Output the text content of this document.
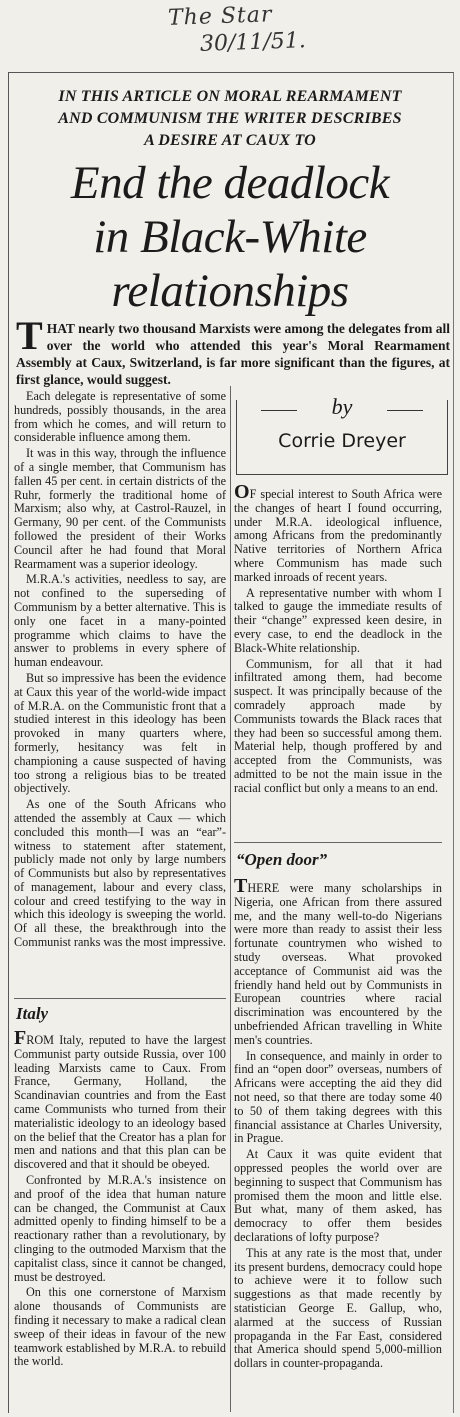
The Star
30/11/51.
IN THIS ARTICLE ON MORAL REARMAMENT
AND COMMUNISM THE WRITER DESCRIBES
A DESIRE AT CAUX TO
End the deadlock
in Black-White
relationships
THAT nearly two thousand Marxists were among the delegates from all over the world who attended this year's Moral Rearmament Assembly at Caux, Switzerland, is far more significant than the figures, at first glance, would suggest.
by
Corrie Dreyer

Each delegate is representative of some hundreds, possibly thousands, in the area from which he comes, and will return to considerable influence among them.

It was in this way, through the influence of a single member, that Communism has fallen 45 per cent. in certain districts of the Ruhr, formerly the traditional home of Marxism; also why, at Castrol-Rauzel, in Germany, 90 per cent. of the Communists followed the president of their Works Council after he had found that Moral Rearmament was a superior ideology.

M.R.A.'s activities, needless to say, are not confined to the superseding of Communism by a better alternative. This is only one facet in a many-pointed programme which claims to have the answer to problems in every sphere of human endeavour.

But so impressive has been the evidence at Caux this year of the world-wide impact of M.R.A. on the Communistic front that a studied interest in this ideology has been provoked in many quarters where, formerly, hesitancy was felt in championing a cause suspected of having too strong a religious bias to be treated objectively.

As one of the South Africans who attended the assembly at Caux — which concluded this month—I was an “ear”-witness to statement after statement, publicly made not only by large numbers of Communists but also by representatives of management, labour and every class, colour and creed testifying to the way in which this ideology is sweeping the world. Of all these, the breakthrough into the Communist ranks was the most impressive.

Italy

FROM Italy, reputed to have the largest Communist party outside Russia, over 100 leading Marxists came to Caux. From France, Germany, Holland, the Scandinavian countries and from the East came Communists who turned from their materialistic ideology to an ideology based on the belief that the Creator has a plan for men and nations and that this plan can be discovered and that it should be obeyed.

Confronted by M.R.A.'s insistence on and proof of the idea that human nature can be changed, the Communist at Caux admitted openly to finding himself to be a reactionary rather than a revolutionary, by clinging to the outmoded Marxism that the capitalist class, since it cannot be changed, must be destroyed.

On this one cornerstone of Marxism alone thousands of Communists are finding it necessary to make a radical clean sweep of their ideas in favour of the new teamwork established by M.R.A. to rebuild the world.

OF special interest to South Africa were the changes of heart I found occurring, under M.R.A. ideological influence, among Africans from the predominantly Native territories of Northern Africa where Communism has made such marked inroads of recent years.

A representative number with whom I talked to gauge the immediate results of their “change” expressed keen desire, in every case, to end the deadlock in the Black-White relationship.

Communism, for all that it had infiltrated among them, had become suspect. It was principally because of the comradely approach made by Communists towards the Black races that they had been so successful among them. Material help, though proffered by and accepted from the Communists, was admitted to be not the main issue in the racial conflict but only a means to an end.

“Open door”

THERE were many scholarships in Nigeria, one African from there assured me, and the many well-to-do Nigerians were more than ready to assist their less fortunate countrymen who wished to study overseas. What provoked acceptance of Communist aid was the friendly hand held out by Communists in European countries where racial discrimination was encountered by the unbefriended African travelling in White men's countries.

In consequence, and mainly in order to find an “open door” overseas, numbers of Africans were accepting the aid they did not need, so that there are today some 40 to 50 of them taking degrees with this financial assistance at Charles University, in Prague.

At Caux it was quite evident that oppressed peoples the world over are beginning to suspect that Communism has promised them the moon and little else. But what, many of them asked, has democracy to offer them besides declarations of lofty purpose?

This at any rate is the most that, under its present burdens, democracy could hope to achieve were it to follow such suggestions as that made recently by statistician George E. Gallup, who, alarmed at the success of Russian propaganda in the Far East, considered that America should spend 5,000-million dollars in counter-propaganda.
